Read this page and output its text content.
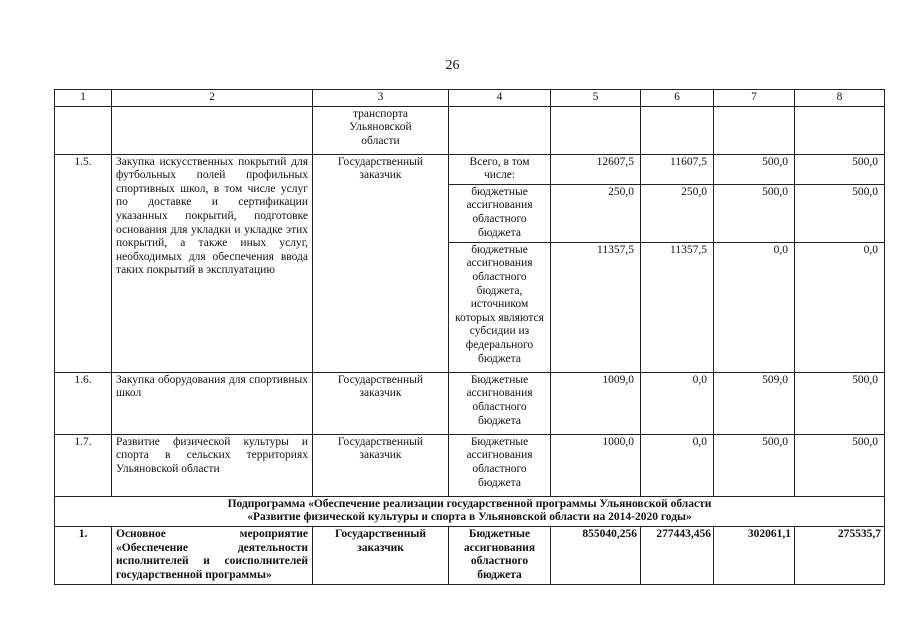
26
1	2	3	4	5	6	7	8
		транспорта Ульяновской области					
1.5.	Закупка искусственных покрытий для футбольных полей профильных спортивных школ, в том числе услуг по доставке и сертификации указанных покрытий, подготовке основания для укладки и укладке этих покрытий, а также иных услуг, необходимых для обеспечения ввода таких покрытий в эксплуатацию	Государственный заказчик	Всего, в том числе:	12607,5	11607,5	500,0	500,0
			бюджетные ассигнования областного бюджета	250,0	250,0	500,0	500,0
			бюджетные ассигнования областного бюджета, источником которых являются субсидии из федерального бюджета	11357,5	11357,5	0,0	0,0
1.6.	Закупка оборудования для спортивных школ	Государственный заказчик	Бюджетные ассигнования областного бюджета	1009,0	0,0	509,0	500,0
1.7.	Развитие физической культуры и спорта в сельских территориях Ульяновской области	Государственный заказчик	Бюджетные ассигнования областного бюджета	1000,0	0,0	500,0	500,0

Подпрограмма «Обеспечение реализации государственной программы Ульяновской области
«Развитие физической культуры и спорта в Ульяновской области на 2014-2020 годы»							

1.	Основное мероприятие «Обеспечение деятельности исполнителей и соисполнителей государственной программы»	Государственный заказчик	Бюджетные ассигнования областного бюджета	855040,256	277443,456	302061,1	275535,7
